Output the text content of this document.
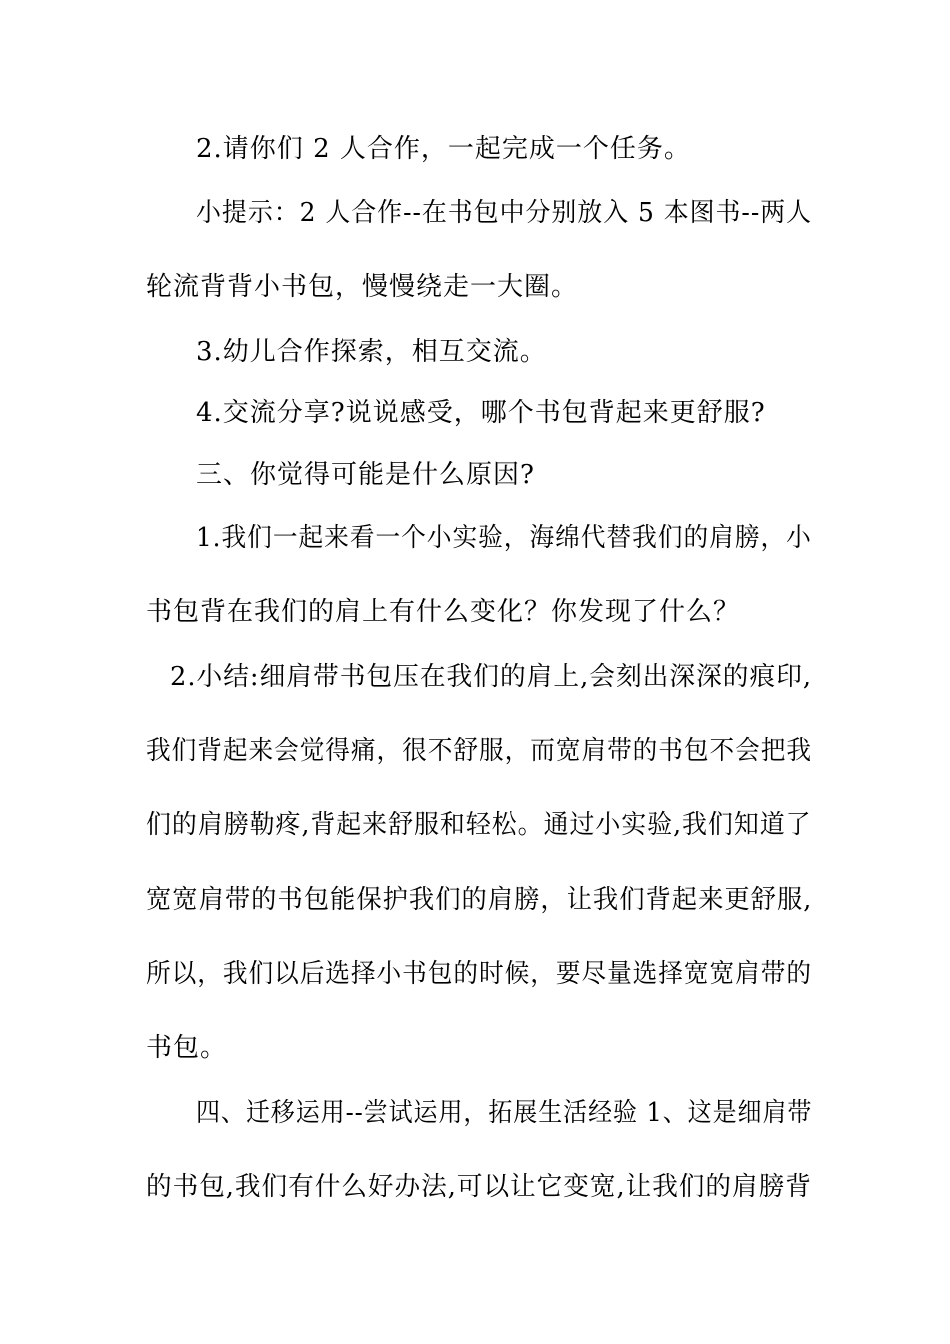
2.请你们 2 人合作，一起完成一个任务。
小提示：2 人合作--在书包中分别放入 5 本图书--两人
轮流背背小书包，慢慢绕走一大圈。
3.幼儿合作探索，相互交流。
4.交流分享?说说感受，哪个书包背起来更舒服?
三、你觉得可能是什么原因?
1.我们一起来看一个小实验，海绵代替我们的肩膀，小
书包背在我们的肩上有什么变化？你发现了什么？
2.小结:细肩带书包压在我们的肩上,会刻出深深的痕印,
我们背起来会觉得痛，很不舒服，而宽肩带的书包不会把我
们的肩膀勒疼,背起来舒服和轻松。通过小实验,我们知道了
宽宽肩带的书包能保护我们的肩膀，让我们背起来更舒服,
所以，我们以后选择小书包的时候，要尽量选择宽宽肩带的
书包。
四、迁移运用--尝试运用，拓展生活经验 1、这是细肩带
的书包,我们有什么好办法,可以让它变宽,让我们的肩膀背
